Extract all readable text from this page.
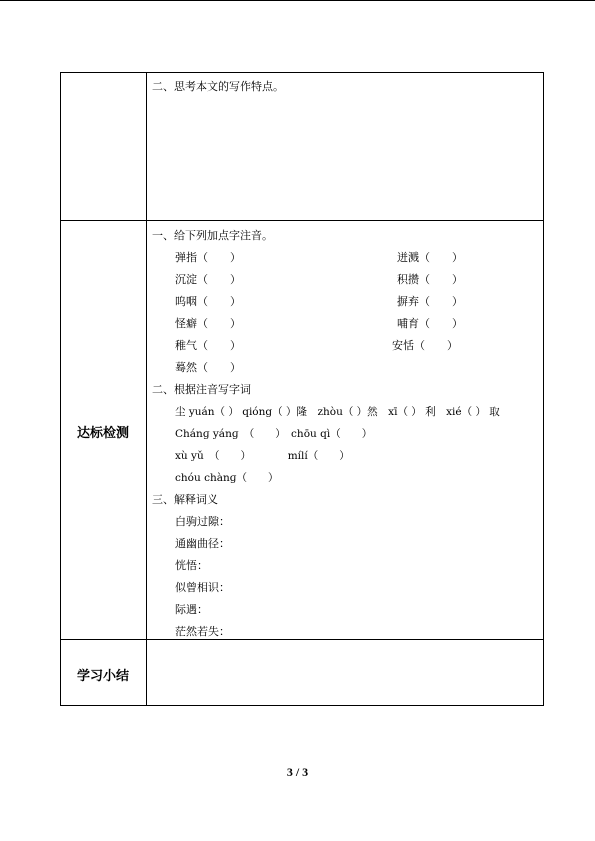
二、思考本文的写作特点。
达标检测
一、给下列加点字注音。
弹指（　　）
沉淀（　　）
呜咽（　　）
怪癖（　　）
稚气（　　）
蓦然（　　）
迸溅（　　）
积攒（　　）
摒弃（　　）
哺育（　　）
安恬（　　）
二、根据注音写字词
尘 yuán（ ） qióng（ ）隆　zhòu（ ）然　xī（ ） 利　xié（ ） 取
Chánɡ yánɡ　（　　）　chōu qì（　　）
xù yǔ　（　　）　　　　mílí（　　）
chóu chànɡ（　　）
三、解释词义
白驹过隙：
通幽曲径：
恍悟：
似曾相识：
际遇：
茫然若失：
学习小结
3 / 3
